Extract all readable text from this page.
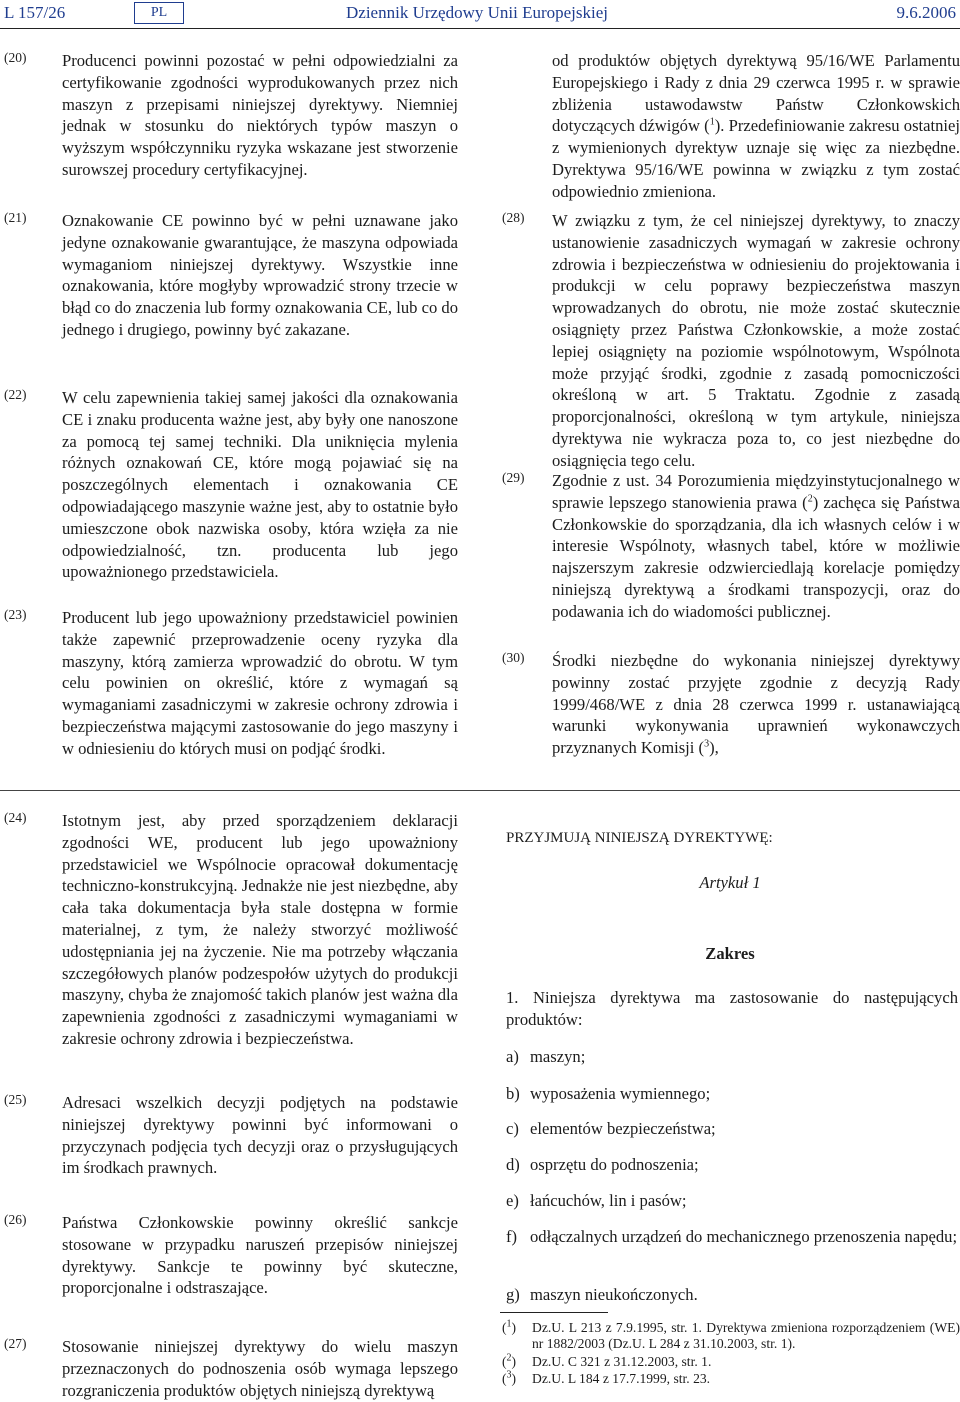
L 157/26	PL	Dziennik Urzędowy Unii Europejskiej	9.6.2006
(20) Producenci powinni pozostać w pełni odpowiedzialni za certyfikowanie zgodności wyprodukowanych przez nich maszyn z przepisami niniejszej dyrektywy. Niemniej jednak w stosunku do niektórych typów maszyn o wyższym współczynniku ryzyka wskazane jest stworzenie surowszej procedury certyfikacyjnej.
(21) Oznakowanie CE powinno być w pełni uznawane jako jedyne oznakowanie gwarantujące, że maszyna odpowiada wymaganiom niniejszej dyrektywy. Wszystkie inne oznakowania, które mogłyby wprowadzić strony trzecie w błąd co do znaczenia lub formy oznakowania CE, lub co do jednego i drugiego, powinny być zakazane.
(22) W celu zapewnienia takiej samej jakości dla oznakowania CE i znaku producenta ważne jest, aby były one nanoszone za pomocą tej samej techniki. Dla uniknięcia mylenia różnych oznakowań CE, które mogą pojawiać się na poszczególnych elementach i oznakowania CE odpowiadającego maszynie ważne jest, aby to ostatnie było umieszczone obok nazwiska osoby, która wzięła za nie odpowiedzialność, tzn. producenta lub jego upoważnionego przedstawiciela.
(23) Producent lub jego upoważniony przedstawiciel powinien także zapewnić przeprowadzenie oceny ryzyka dla maszyny, którą zamierza wprowadzić do obrotu. W tym celu powinien on określić, które z wymagań są wymaganiami zasadniczymi w zakresie ochrony zdrowia i bezpieczeństwa mającymi zastosowanie do jego maszyny i w odniesieniu do których musi on podjąć środki.
od produktów objętych dyrektywą 95/16/WE Parlamentu Europejskiego i Rady z dnia 29 czerwca 1995 r. w sprawie zbliżenia ustawodawstw Państw Członkowskich dotyczących dźwigów ($^1$). Przedefiniowanie zakresu ostatniej z wymienionych dyrektyw uznaje się więc za niezbędne. Dyrektywa 95/16/WE powinna w związku z tym zostać odpowiednio zmieniona.
(28) W związku z tym, że cel niniejszej dyrektywy, to znaczy ustanowienie zasadniczych wymagań w zakresie ochrony zdrowia i bezpieczeństwa w odniesieniu do projektowania i produkcji w celu poprawy bezpieczeństwa maszyn wprowadzanych do obrotu, nie może zostać skutecznie osiągnięty przez Państwa Członkowskie, a może zostać lepiej osiągnięty na poziomie wspólnotowym, Wspólnota może przyjąć środki, zgodnie z zasadą pomocniczości określoną w art. 5 Traktatu. Zgodnie z zasadą proporcjonalności, określoną w tym artykule, niniejsza dyrektywa nie wykracza poza to, co jest niezbędne do osiągnięcia tego celu.
(29) Zgodnie z ust. 34 Porozumienia międzyinstytucjonalnego w sprawie lepszego stanowienia prawa ($^2$) zachęca się Państwa Członkowskie do sporządzania, dla ich własnych celów i w interesie Wspólnoty, własnych tabel, które w możliwie najszerszym zakresie odzwierciedlają korelacje pomiędzy niniejszą dyrektywą a środkami transpozycji, oraz do podawania ich do wiadomości publicznej.
(30) Środki niezbędne do wykonania niniejszej dyrektywy powinny zostać przyjęte zgodnie z decyzją Rady 1999/468/WE z dnia 28 czerwca 1999 r. ustanawiającą warunki wykonywania uprawnień wykonawczych przyznanych Komisji ($^3$),
(24) Istotnym jest, aby przed sporządzeniem deklaracji zgodności WE, producent lub jego upoważniony przedstawiciel we Wspólnocie opracował dokumentację techniczno-konstrukcyjną. Jednakże nie jest niezbędne, aby cała taka dokumentacja była stale dostępna w formie materialnej, z tym, że należy stworzyć możliwość udostępniania jej na życzenie. Nie ma potrzeby włączania szczegółowych planów podzespołów użytych do produkcji maszyny, chyba że znajomość takich planów jest ważna dla zapewnienia zgodności z zasadniczymi wymaganiami w zakresie ochrony zdrowia i bezpieczeństwa.
(25) Adresaci wszelkich decyzji podjętych na podstawie niniejszej dyrektywy powinni być informowani o przyczynach podjęcia tych decyzji oraz o przysługujących im środkach prawnych.
(26) Państwa Członkowskie powinny określić sankcje stosowane w przypadku naruszeń przepisów niniejszej dyrektywy. Sankcje te powinny być skuteczne, proporcjonalne i odstraszające.
(27) Stosowanie niniejszej dyrektywy do wielu maszyn przeznaczonych do podnoszenia osób wymaga lepszego rozgraniczenia produktów objętych niniejszą dyrektywą
PRZYJMUJĄ NINIEJSZĄ DYREKTYWĘ:
Artykuł 1
Zakres
1. Niniejsza dyrektywa ma zastosowanie do następujących produktów:
a) maszyn;
b) wyposażenia wymiennego;
c) elementów bezpieczeństwa;
d) osprzętu do podnoszenia;
e) łańcuchów, lin i pasów;
f) odłączalnych urządzeń do mechanicznego przenoszenia napędu;
g) maszyn nieukończonych.
($^1$) Dz.U. L 213 z 7.9.1995, str. 1. Dyrektywa zmieniona rozporządzeniem (WE) nr 1882/2003 (Dz.U. L 284 z 31.10.2003, str. 1).
($^2$) Dz.U. C 321 z 31.12.2003, str. 1.
($^3$) Dz.U. L 184 z 17.7.1999, str. 23.
